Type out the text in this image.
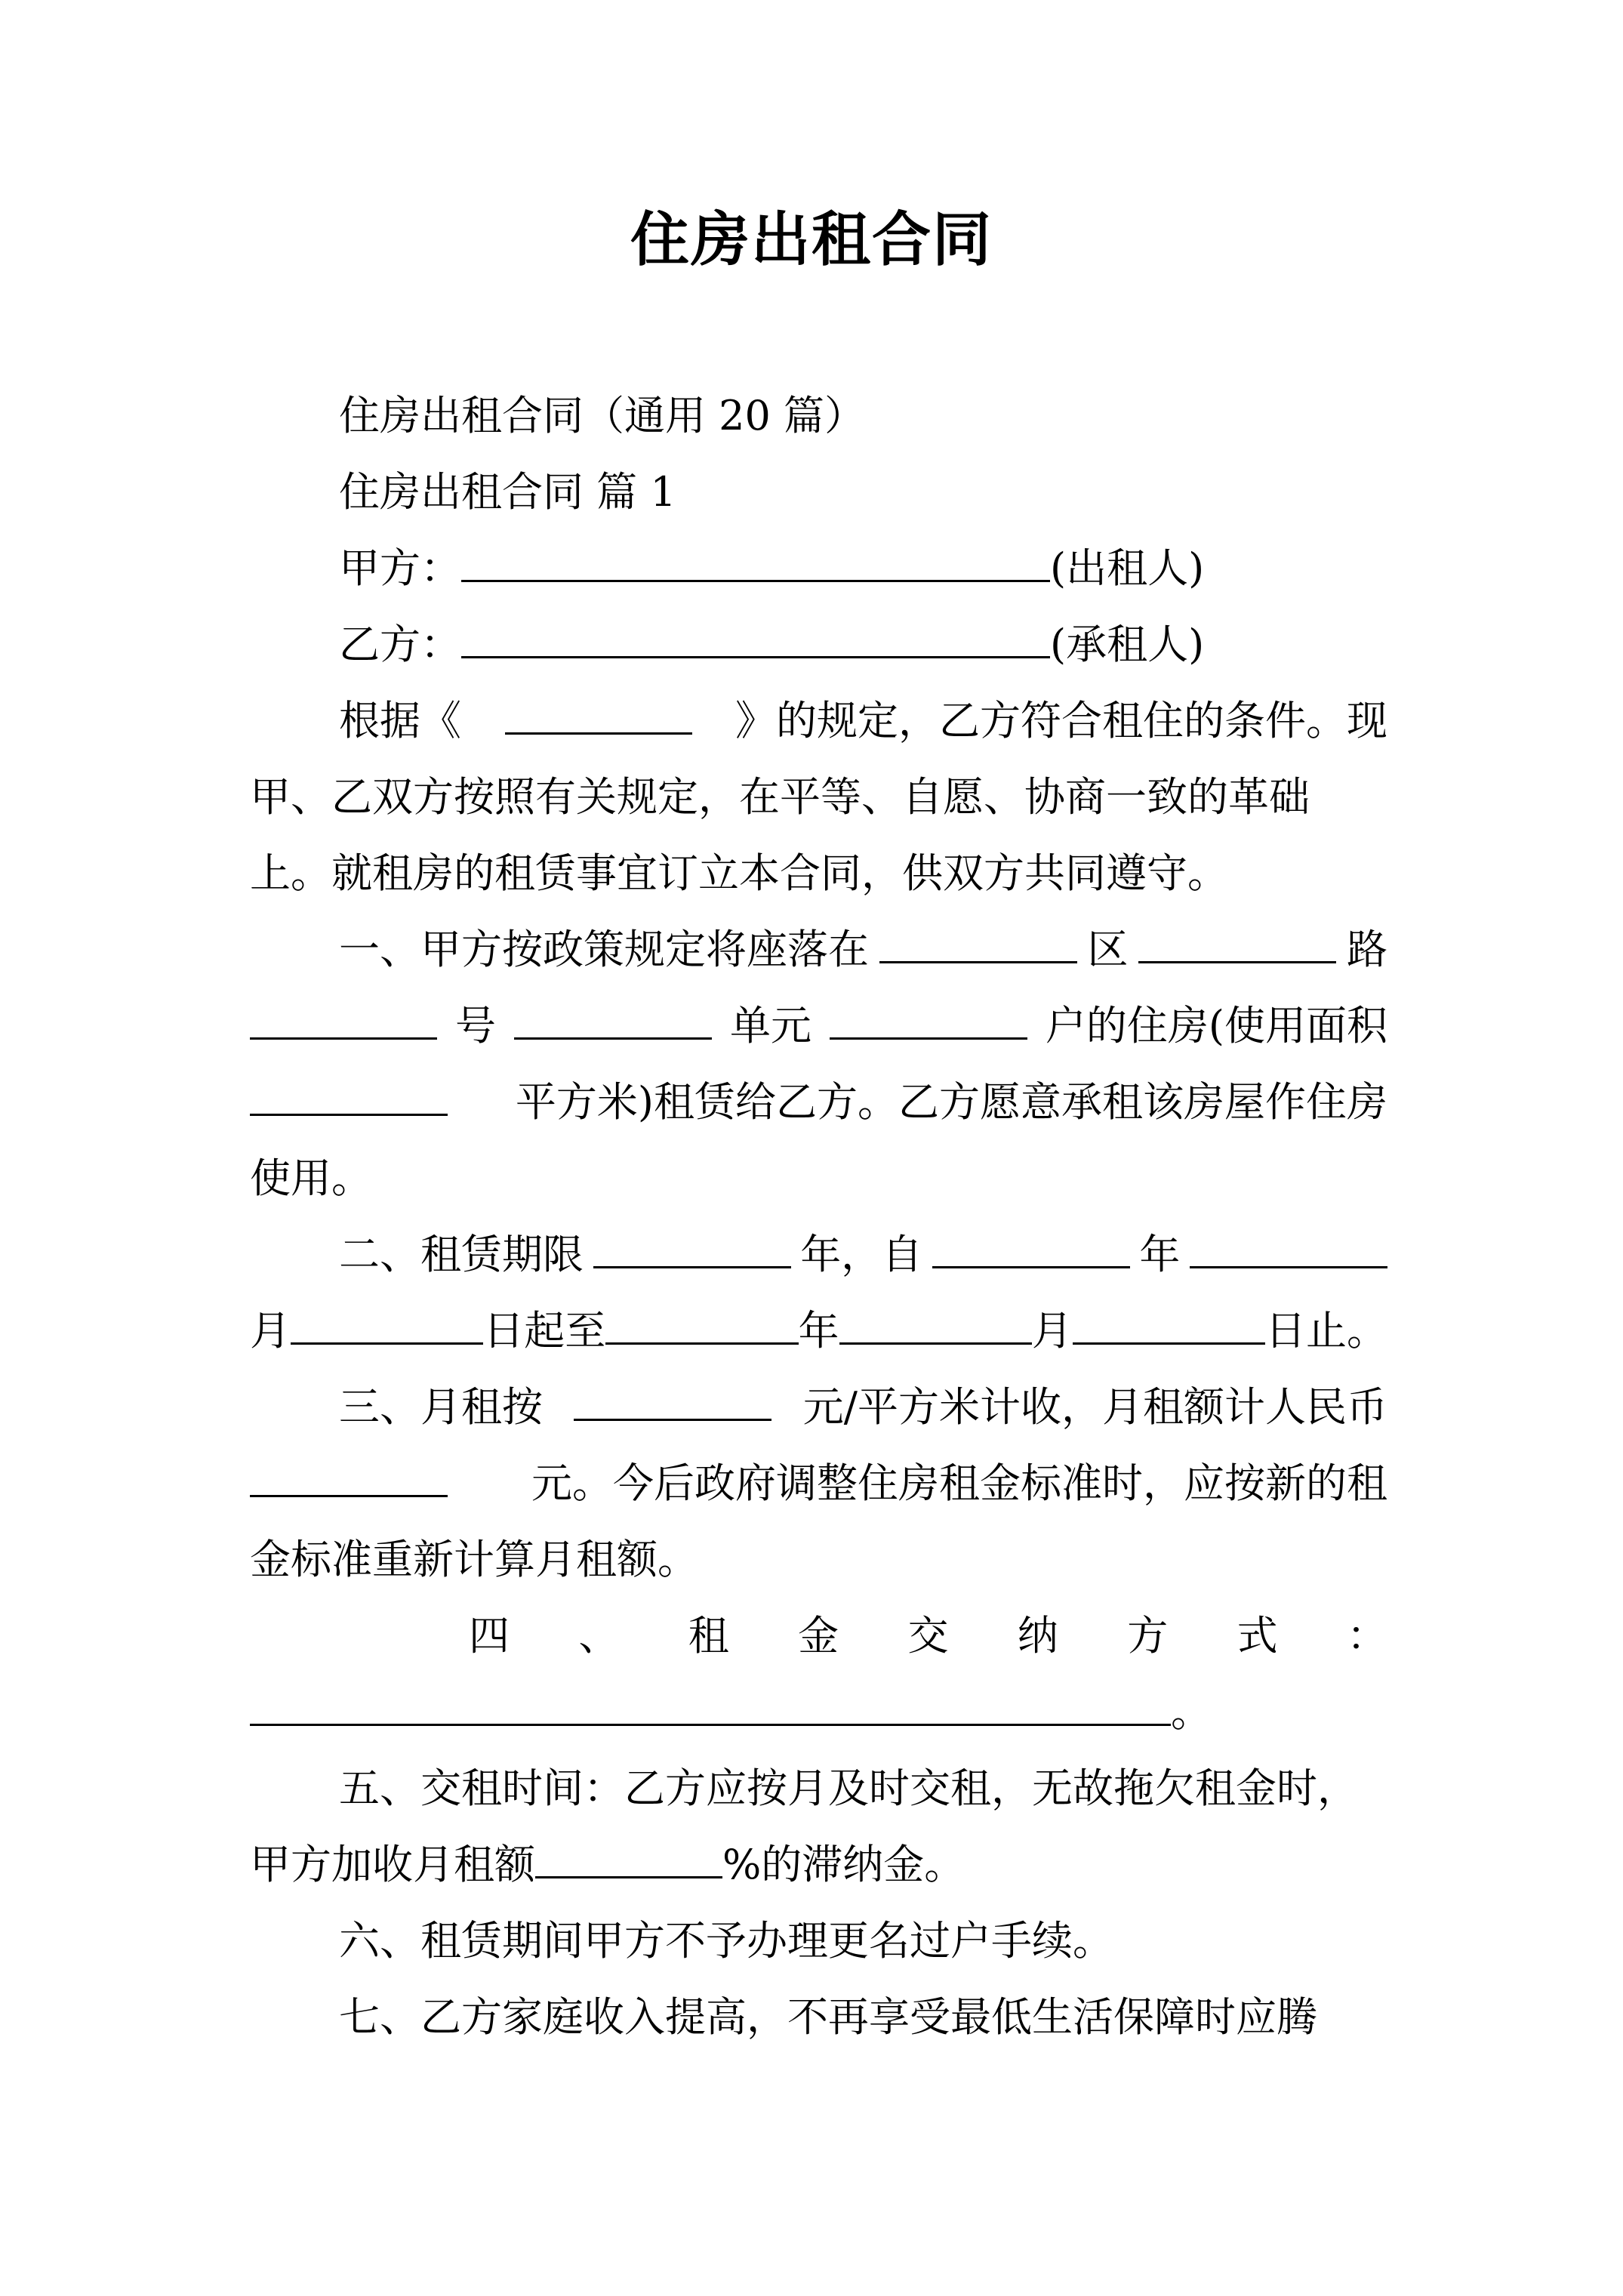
住房出租合同
住房出租合同（通用 20 篇）
住房出租合同 篇 1
甲方：	(出租人)
乙方：	(承租人)
根据《	》的规定，乙方符合租住的条件。现
甲、乙双方按照有关规定，在平等、自愿、协商一致的革础
上。就租房的租赁事宜订立本合同，供双方共同遵守。
一、甲方按政策规定将座落在	区	路
号	单元	户的住房(使用面积
平方米)租赁给乙方。乙方愿意承租该房屋作住房
使用。
二、租赁期限	年，自	年
月	日起至	年	月	日止。
三、月租按	元/平方米计收，月租额计人民币
元。今后政府调整住房租金标准时，应按新的租
金标准重新计算月租额。
四 、 租 金 交 纳 方 式 ：
。
五、交租时间：乙方应按月及时交租，无故拖欠租金时，
甲方加收月租额	%的滞纳金。
六、租赁期间甲方不予办理更名过户手续。
七、乙方家庭收入提高，不再享受最低生活保障时应腾
